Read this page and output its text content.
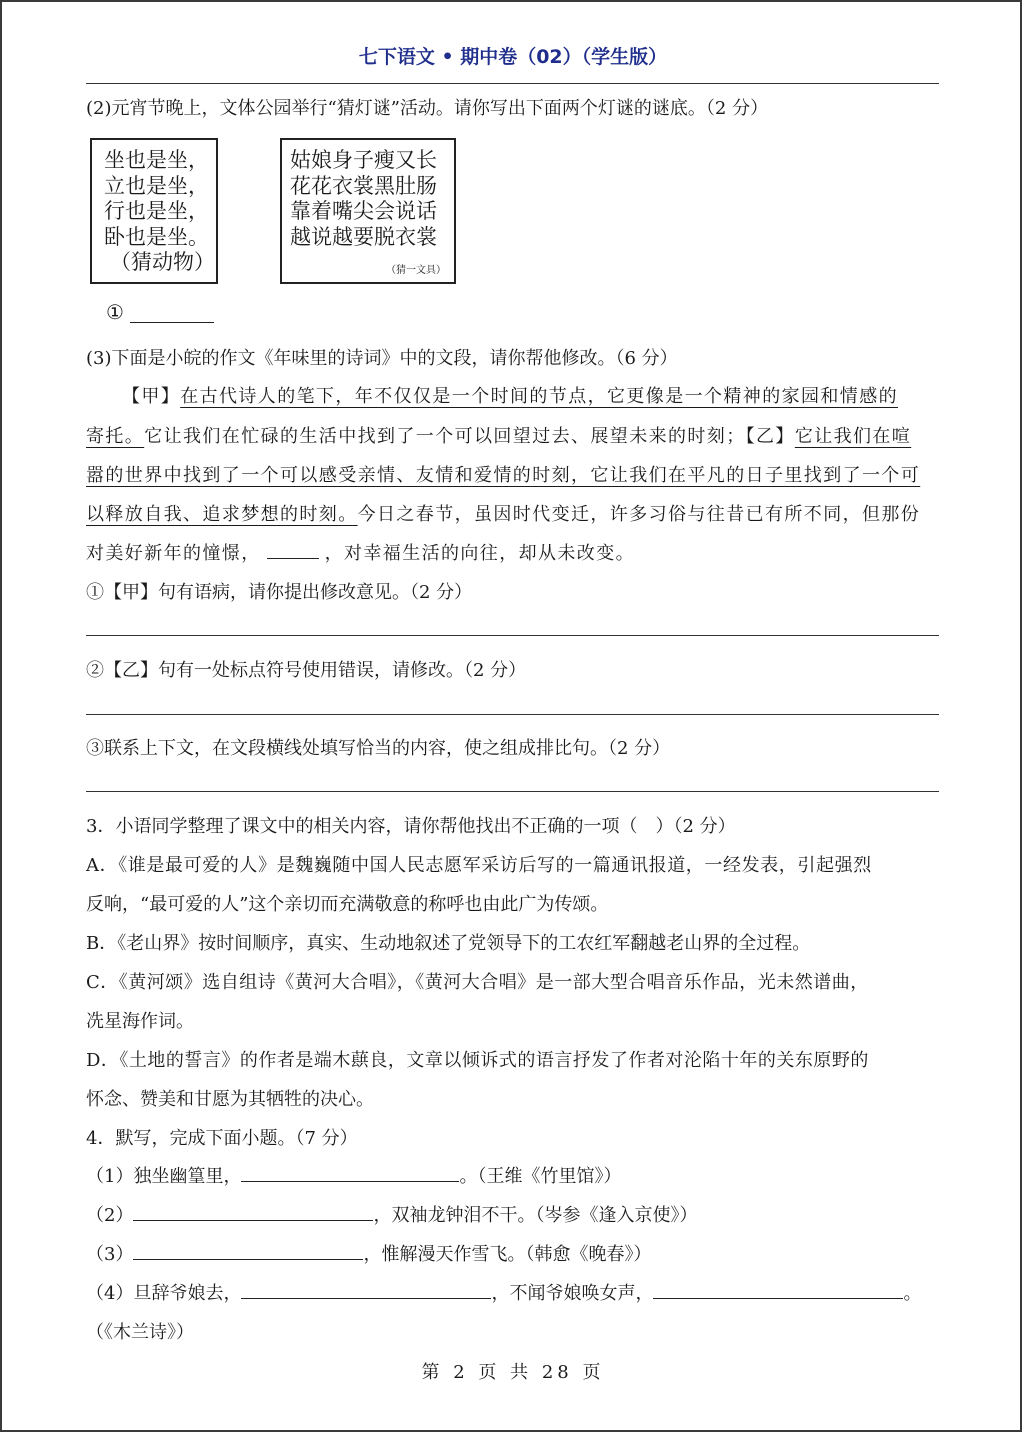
七下语文 • 期中卷（02）（学生版）
(2)元宵节晚上，文体公园举行“猜灯谜”活动。请你写出下面两个灯谜的谜底。（2 分）
坐也是坐，
立也是坐，
行也是坐，
卧也是坐。
（猜动物）
姑娘身子瘦又长
花花衣裳黑肚肠
靠着嘴尖会说话
越说越要脱衣裳
（猜一文具）
①
(3)下面是小皖的作文《年味里的诗词》中的文段，请你帮他修改。（6 分）
【甲】在古代诗人的笔下，年不仅仅是一个时间的节点，它更像是一个精神的家园和情感的
寄托。它让我们在忙碌的生活中找到了一个可以回望过去、展望未来的时刻；【乙】它让我们在喧
嚣的世界中找到了一个可以感受亲情、友情和爱情的时刻，它让我们在平凡的日子里找到了一个可
以释放自我、追求梦想的时刻。今日之春节，虽因时代变迁，许多习俗与往昔已有所不同，但那份
对美好新年的憧憬，	，对幸福生活的向往，却从未改变。
①【甲】句有语病，请你提出修改意见。（2 分）
②【乙】句有一处标点符号使用错误，请修改。（2 分）
③联系上下文，在文段横线处填写恰当的内容，使之组成排比句。（2 分）
3．小语同学整理了课文中的相关内容，请你帮他找出不正确的一项（　）（2 分）
A．《谁是最可爱的人》是魏巍随中国人民志愿军采访后写的一篇通讯报道，一经发表，引起强烈
反响，“最可爱的人”这个亲切而充满敬意的称呼也由此广为传颂。
B．《老山界》按时间顺序，真实、生动地叙述了党领导下的工农红军翻越老山界的全过程。
C．《黄河颂》选自组诗《黄河大合唱》，《黄河大合唱》是一部大型合唱音乐作品，光未然谱曲，
冼星海作词。
D．《土地的誓言》的作者是端木蕻良，文章以倾诉式的语言抒发了作者对沦陷十年的关东原野的
怀念、赞美和甘愿为其牺牲的决心。
4．默写，完成下面小题。（7 分）
（1）独坐幽篁里，	。（王维《竹里馆》）
（2）	，双袖龙钟泪不干。（岑参《逢入京使》）
（3）	，惟解漫天作雪飞。（韩愈《晚春》）
（4）旦辞爷娘去，	，不闻爷娘唤女声，	。
（《木兰诗》）
第 2 页 共 28 页
